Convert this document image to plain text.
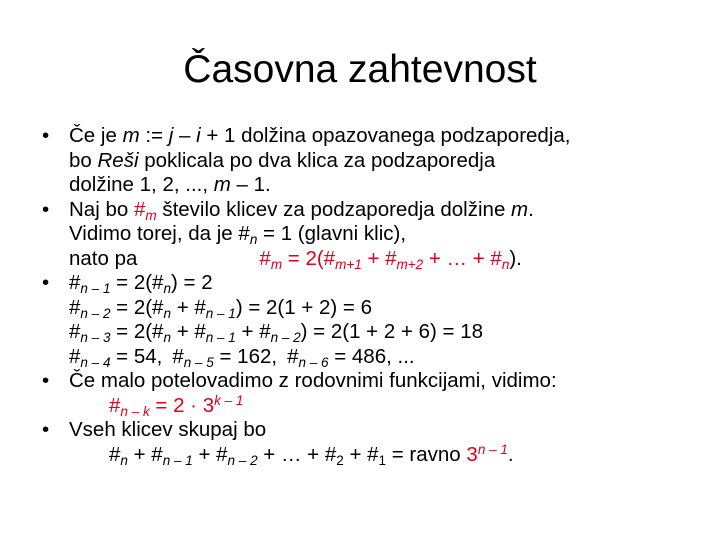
Časovna zahtevnost
• Če je m := j – i + 1 dolžina opazovanega podzaporedja,
bo Reši poklicala po dva klica za podzaporedja
dolžine 1, 2, ..., m – 1.
• Naj bo $\#_m$ število klicev za podzaporedja dolžine m.
Vidimo torej, da je $\#_n = 1$ (glavni klic),
nato pa	$\#_m$ = $2(\#_{m+1}$ + $\#_{m+2}$ + … + $\#_n$).
• $\#_{n - 1}$ = $2(\#_n) = 2$
$\#_{n - 2}$ = $2(\#_n$ + $\#_{n - 1}) = 2(1 + 2) = 6$
$\#_{n - 3}$ = $2(\#_n$ + $\#_{n - 1}$ + $\#_{n - 2}) = 2(1 + 2 + 6) = 18$
$\#_{n - 4} = 54$, $\#_{n - 5} = 162$, $\#_{n - 6} = 486$, ...
• Če malo potelovadimo z rodovnimi funkcijami, vidimo:
$\#_{n - k} = 2 \cdot 3^{k - 1}$
• Vseh klicev skupaj bo
$\#_n$ + $\#_{n - 1}$ + $\#_{n - 2}$ + … + $\#_2$ + $\#_1$ = ravno 3$^{n - 1}$.
